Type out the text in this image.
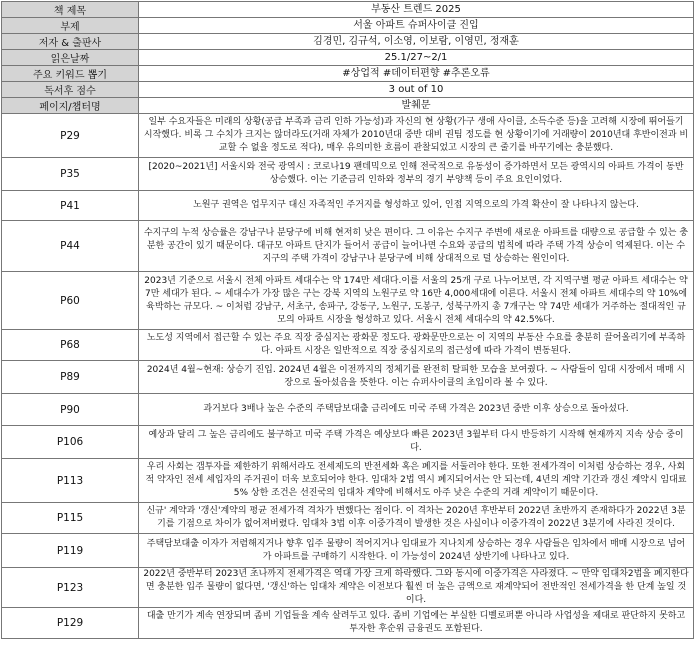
책 제목	부동산 트렌드 2025
부제	서울 아파트 슈퍼사이클 진입
저자 & 출판사	김경민, 김규석, 이소영, 이보람, 이영민, 정재훈
읽은날짜	25.1/27~2/1
주요 키워드 뽑기	#상업적 #데이터편향 #추론오류
독서후 점수	3 out of 10
페이지/챕터명	발췌문
P29	일부 수요자들은 미래의 상황(공급 부족과 금리 인하 가능성)과 자신의 현 상황(가구 생애 사이클, 소득수준 등)을 고려해 시장에 뛰어들기 시작했다. 비록 그 수치가 크지는 않더라도(거래 자체가 2010년대 중반 대비 권팀 정도를 현 상황이기에 거래량이 2010년대 후반이전과 비교할 수 없을 정도로 적다), 매우 유의미한 흐름이 관찰되었고 시장의 큰 줄기를 바꾸기에는 충분했다.
P35	[2020~2021년] 서울시와 전국 광역시 : 코로나19 팬데믹으로 인해 전국적으로 유동성이 증가하면서 모든 광역시의 아파트 가격이 동반 상승했다. 이는 기준금리 인하와 정부의 경기 부양책 등이 주요 요인이었다.
P41	노원구 권역은 업무지구 대신 자족적인 주거지를 형성하고 있어, 인접 지역으로의 가격 확산이 잘 나타나지 않는다.
P44	수지구의 누적 상승률은 강남구나 분당구에 비해 현저히 낮은 편이다. 그 이유는 수지구 주변에 새로운 아파트를 대량으로 공급할 수 있는 충분한 공간이 있기 때문이다. 대규모 아파트 단지가 들어서 공급이 늘어나면 수요와 공급의 법칙에 따라 주택 가격 상승이 억제된다. 이는 수지구의 주택 가격이 강남구나 분당구에 비해 상대적으로 덜 상승하는 원인이다.
P60	2023년 기준으로 서울시 전체 아파트 세대수는 약 174만 세대다.이를 서울의 25개 구로 나누어보면, 각 지역구별 평균 아파트 세대수는 약 7만 세대가 된다. ~ 세대수가 가장 많은 구는 강북 지역의 노원구로 약 16만 4,000세대에 이른다. 서울시 전체 아파트 세대수의 약 10%에 육박하는 규모다. ~ 이처럼 강남구, 서초구, 송파구, 강동구, 노원구, 도봉구, 성북구까지 총 7개구는 약 74만 세대가 거주하는 절대적인 규모의 아파트 시장을 형성하고 있다. 서울시 전체 세대수의 약 42.5%다.
P68	노도성 지역에서 접근할 수 있는 주요 직장 중심지는 광화문 정도다. 광화문만으로는 이 지역의 부동산 수요를 충분히 끌어올리기에 부족하다. 아파트 시장은 일반적으로 직장 중심지로의 접근성에 따라 가격이 변동된다.
P89	2024년 4월~현재: 상승기 진입. 2024년 4월은 이전까지의 정체기를 완전히 탈피한 모습을 보여줬다. ~ 사람들이 임대 시장에서 매매 시장으로 돌아섰음을 뜻한다. 이는 슈퍼사이클의 초입이라 볼 수 있다.
P90	과거보다 3배나 높은 수준의 주택담보대출 금리에도 미국 주택 가격은 2023년 중반 이후 상승으로 돌아섰다.
P106	예상과 달리 그 높은 금리에도 불구하고 미국 주택 가격은 예상보다 빠른 2023년 3월부터 다시 반등하기 시작해 현재까지 지속 상승 중이다.
P113	우리 사회는 갭투자를 제한하기 위해서라도 전세제도의 반전세화 혹은 폐지를 서둘러야 한다. 또한 전세가격이 이처럼 상승하는 경우, 사회적 약자인 전세 세입자의 주거권이 더욱 보호되어야 한다. 임대차 2법 역시 폐지되어서는 안 되는데, 4년의 계약 기간과 갱신 계약시 임대료 5% 상한 조건은 선진국의 임대차 계약에 비해서도 아주 낮은 수준의 거래 계약이기 때문이다.
P115	신규' 계약과 '갱신'계약의 평균 전세가격 격차가 변했다는 점이다. 이 격차는 2020년 후반부터 2022년 초반까지 존재하다가 2022년 3분기를 기점으로 차이가 없어져버렸다. 임대차 3법 이후 이중가격이 발생한 것은 사실이나 이중가격이 2022년 3분기에 사라진 것이다.
P119	주택담보대출 이자가 저렴해지거나 향후 입주 물량이 적어지거나 임대료가 지나치게 상승하는 경우 사람들은 임차에서 매매 시장으로 넘어가 아파트를 구매하기 시작한다. 이 가능성이 2024년 상반기에 나타나고 있다.
P123	2022년 중반부터 2023년 초나까지 전세가격은 역대 가장 크게 하락했다. 그와 동시에 이중가격은 사라졌다. ~ 만약 임대차2법을 폐지한다면 충분한 입주 물량이 없다면, '갱신'하는 임대차 계약은 이전보다 훨씬 더 높은 금액으로 재계약되어 전반적인 전세가격을 한 단계 높일 것이다.
P129	대출 만기가 계속 연장되며 좀비 기업들을 계속 살려두고 있다. 좀비 기업에는 부실한 디벨로퍼뿐 아니라 사업성을 제대로 판단하지 못하고 투자한 후순위 금융권도 포함된다.
